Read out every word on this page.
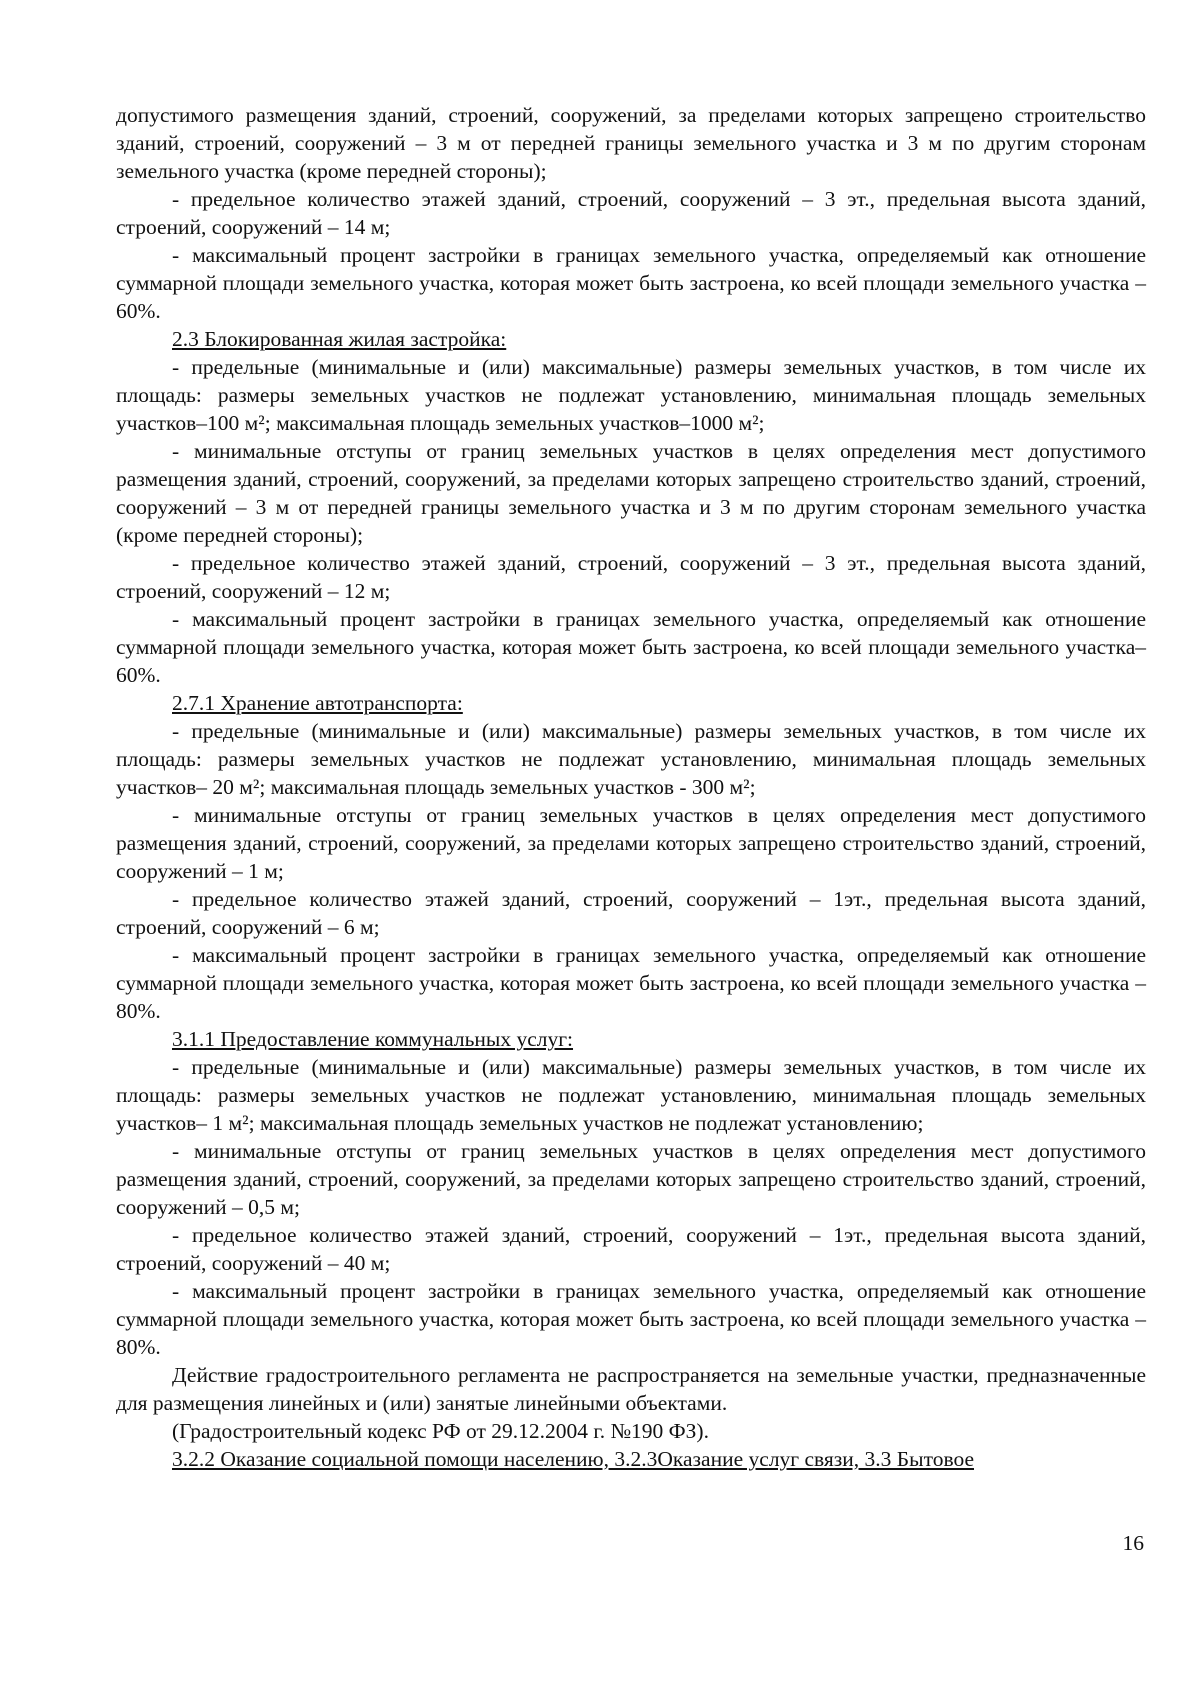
допустимого размещения зданий, строений, сооружений, за пределами которых запрещено строительство зданий, строений, сооружений – 3 м от передней границы земельного участка и 3 м по другим сторонам земельного участка (кроме передней стороны);

- предельное количество этажей зданий, строений, сооружений – 3 эт., предельная высота зданий, строений, сооружений – 14 м;

- максимальный процент застройки в границах земельного участка, определяемый как отношение суммарной площади земельного участка, которая может быть застроена, ко всей площади земельного участка – 60%.

2.3 Блокированная жилая застройка:

- предельные (минимальные и (или) максимальные) размеры земельных участков, в том числе их площадь: размеры земельных участков не подлежат установлению, минимальная площадь земельных участков–100 м²; максимальная площадь земельных участков–1000 м²;

- минимальные отступы от границ земельных участков в целях определения мест допустимого размещения зданий, строений, сооружений, за пределами которых запрещено строительство зданий, строений, сооружений – 3 м от передней границы земельного участка и 3 м по другим сторонам земельного участка (кроме передней стороны);

- предельное количество этажей зданий, строений, сооружений – 3 эт., предельная высота зданий, строений, сооружений – 12 м;

- максимальный процент застройки в границах земельного участка, определяемый как отношение суммарной площади земельного участка, которая может быть застроена, ко всей площади земельного участка– 60%.

2.7.1 Хранение автотранспорта:

- предельные (минимальные и (или) максимальные) размеры земельных участков, в том числе их площадь: размеры земельных участков не подлежат установлению, минимальная площадь земельных участков– 20 м²; максимальная площадь земельных участков - 300 м²;

- минимальные отступы от границ земельных участков в целях определения мест допустимого размещения зданий, строений, сооружений, за пределами которых запрещено строительство зданий, строений, сооружений – 1 м;

- предельное количество этажей зданий, строений, сооружений – 1эт., предельная высота зданий, строений, сооружений – 6 м;

- максимальный процент застройки в границах земельного участка, определяемый как отношение суммарной площади земельного участка, которая может быть застроена, ко всей площади земельного участка – 80%.

3.1.1 Предоставление коммунальных услуг:

- предельные (минимальные и (или) максимальные) размеры земельных участков, в том числе их площадь: размеры земельных участков не подлежат установлению, минимальная площадь земельных участков– 1 м²; максимальная площадь земельных участков не подлежат установлению;

- минимальные отступы от границ земельных участков в целях определения мест допустимого размещения зданий, строений, сооружений, за пределами которых запрещено строительство зданий, строений, сооружений – 0,5 м;

- предельное количество этажей зданий, строений, сооружений – 1эт., предельная высота зданий, строений, сооружений – 40 м;

- максимальный процент застройки в границах земельного участка, определяемый как отношение суммарной площади земельного участка, которая может быть застроена, ко всей площади земельного участка – 80%.

Действие градостроительного регламента не распространяется на земельные участки, предназначенные для размещения линейных и (или) занятые линейными объектами.

(Градостроительный кодекс РФ от 29.12.2004 г. №190 ФЗ).

3.2.2 Оказание социальной помощи населению, 3.2.3Оказание услуг связи, 3.3 Бытовое

16
